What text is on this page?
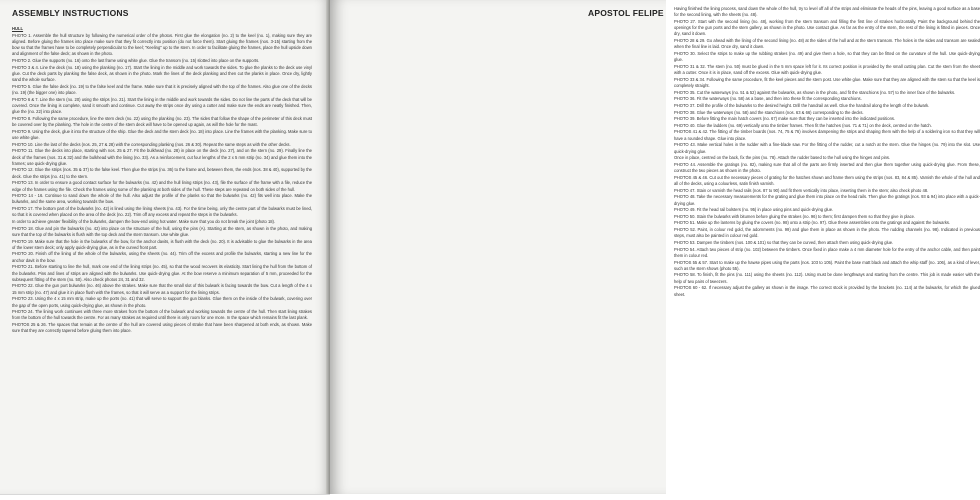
ASSEMBLY INSTRUCTIONS

HULL

PHOTO 1. Assemble the hull structure by following the numerical order of the photos. First glue the elongation (no. 2) to the keel (no. 1), making sure they are aligned. Before gluing the frames into place make sure that they fit correctly into position (do not force them). Start gluing the frames (nos. 3-15) starting from the bow so that the frames have to be completely perpendicular to the keel; "Keeling" up to the stern. In order to facilitate gluing the frames, place the hull upside down and alignment of the false deck; as shown in the photo.

PHOTO 2. Glue the supports (no. 16) onto the last frame using white glue. Glue the transom (no. 15) slotted into place on the supports.

PHOTO 3 & 4. Line the deck (no. 18) using the planking (no. 17). Start the lining in the middle and work towards the sides. To glue the planks to the deck use vinyl glue. Cut the deck parts by planking the false deck, as shown in the photo. Mark the lines of the deck planking and then cut the planks in place. Once dry, lightly sand the whole surface.

PHOTO 5. Glue the false deck (no. 19) to the false keel and the frame. Make sure that it is precisely aligned with the top of the frames. Also glue one of the decks (no. 19) (the bigger one) into place.

PHOTO 6 & 7. Line the stern (no. 20) using the strips (no. 21). Start the lining in the middle and work towards the sides. Do not line the parts of the deck that will be covered. Once the lining is complete, sand it smooth and continue. Cut away the strips once dry using a cutter and make sure the ends are neatly finished. Then, glue the (no. 22) into place.

PHOTO 8. Following the same procedure, line the stern deck (no. 22) using the planking (no. 23). The sides that follow the shape of the perimeter of this deck must be covered over by the planking. The hole in the centre of the stern deck will have to be opened up again, as will the hole for the mast.

PHOTO 9. Using the deck, glue it into the structure of the ship. Glue the deck and the stern deck (no. 18) into place. Line the frames with the planking. Make sure to use white glue.

PHOTO 10. Line the last of the decks (nos. 25, 27 & 28) with the corresponding planking (nos. 26 & 30). Repeat the same steps as with the other decks.

PHOTO 11. Glue the decks into place, starting with nos. 25 & 27. Fit the bulkhead (no. 28) in place on the deck (no. 27), and on the stern (no. 29). Finally line the deck of the frames (nos. 31 & 32) and the bulkhead with the lining (no. 33). As a reinforcement, cut four lengths of the 2 x 5 mm strip (no. 34) and glue them into the frames; use quick-drying glue.

PHOTO 12. Glue the strips (nos. 35 & 37) to the false keel. Then glue the strips (no. 36) to the frame and, between them, the ends (nos. 38 & 40), supported by the deck. Glue the strips (no. 41) to the stern.

PHOTO 13. In order to ensure a good contact surface for the bulwarks (no. 42) and the hull lining strips (no. 43), file the surface of the frame with a file, reduce the edge of the frames using the file. Check the frames using some of the planking at both sides of the hull. These steps are repeated on both sides of the hull.

PHOTO 14 - 16. Continue to sand down the whole of the hull. Also adjust the profile of the planks so that the bulwarks (no. 42) fits well into place. Make the bulwarks, and the same area, working towards the bow.

PHOTO 17. The bottom part of the bulwarks (no. 42) is lined using the lining sheets (no. 43). For the time being, only the centre part of the bulwarks must be lined, so that it is covered when placed on the area of the deck (no. 22). Trim off any excess and repeat the steps in the bulwarks.

In order to achieve greater flexibility of the bulwarks, dampen the bow-end using hot water. Make sure that you do not break the joint (photo 18).

PHOTO 18. Glue and pin the bulwarks (no. 42) into place on the structure of the hull, using the pins (A). Starting at the stern, as shown in the photo, and making sure that the top of the bulwarks is flush with the top deck and the stern transom. Use white glue.

PHOTO 19. Make sure that the hole in the bulwarks of the bow, for the anchor davits, is flush with the deck (no. 20). It is advisable to glue the bulwarks in the area of the lower stern deck; only apply quick-drying glue, as in the curved front part.

PHOTO 20. Finish off the lining of the whole of the bulwarks, using the sheets (no. 44). Trim off the excess and profile the bulwarks, starting a new line for the anchor davit in the bow.

PHOTO 21. Before starting to line the hull, mark one end of the lining strips (no. 45), so that the wood recovers its elasticity. Start lining the hull from the bottom of the bulwarks. Pins and lines of strips are aligned with the bulwarks. Use quick-drying glue. At the bow reserve a minimum separation of 5 mm, proceeded for the subsequent fitting of the stem (no. 50). Also check photos 24, 31 and 32.

PHOTO 22. Glue the gun port bulwarks (no. 46) above the strakes. Make sure that the small slot of this bulwark is facing towards the bow. Cut a length of the 4 x 15 mm strip (no. 47) and glue it in place flush with the frames, so that it will serve as a support for the lining strips.

PHOTO 23. Using the 4 x 15 mm strip, make up the ports (no. 41) that will serve to support the gun blanks. Glue them on the inside of the bulwark, covering over the gap of the open ports, using quick-drying glue, as shown in the photo.

PHOTO 24. The lining work continues with three more strakes from the bottom of the bulwark and working towards the centre of the hull. Then start lining strakes from the bottom of the hull towards the centre. For as many strakes as required until there is only room for one more. In the space which remains fit the last plank.

PHOTOS 25 & 26. The spaces that remain at the centre of the hull are covered using pieces of strake that have been sharpened at both ends, as shown. Make sure that they are correctly tapered before gluing them into place.

APOSTOL FELIPE Having finished the lining process, sand down the whole of the hull, try to level off all of the strips and eliminate the heads of the pins, leaving a good surface as a base for the second lining, with the sheets (no. 48).

PHOTO 27. Start with the second lining (no. 48), working from the stern transom and filling the first line of strakes horizontally. Paint the background behind the openings for the gun ports and the stern gallery, as shown in the photo. Use contact glue. As far as the entry of the stern, the rest of the lining is fitted in pieces. Once dry, sand it down.

PHOTO 28 & 29. Go ahead with the lining of the second lining (no. 48) at the sides of the hull and at the stern transom. The holes in the sides and transom are sealed when the final line is laid. Once dry, sand it down.

PHOTO 30. Select the strips to make up the rubbing strakes (no. 49) and give them a hole, so that they can be fitted on the curvature of the hull. Use quick-drying glue.

PHOTO 31 & 32. The stem (no. 50) must be glued in the 5 mm space left for it. Its correct position is provided by the small cutting plan. Cut the stem from the sheet with a cutter. Once it is in place, sand off the excess. Glue with quick-drying glue.

PHOTO 33 & 34. Following the same procedure, fit the keel pieces and the stern post. Use white glue. Make sure that they are aligned with the stem so that the keel is completely straight.

PHOTO 35. Cut the waterways (no. 51 & 52) against the bulwarks, as shown in the photo, and fit the stanchions (no. 57) to the inner face of the bulwarks.

PHOTO 36. Fit the waterways (no. 58) as a base, and then into these fit the corresponding stanchions.

PHOTO 37. Drill the profile of the bulwarks to the desired height. Drill the handrail as well. Glue the handrail along the length of the bulwark.

PHOTO 38. Glue the waterways (no. 58) and the stanchions (nos. 63 & 66) corresponding to the decks.

PHOTO 39. Before fitting the main hatch covers (no. 67) make sure that they can be inserted into the indicated positions.

PHOTO 40. Glue the ladders (no. 69) vertically onto the timber frames. Then fit the hatches (nos. 71 & 71) on the deck, centred on the hatch.

PHOTOS 41 & 42. The fitting of the timber boards (nos. 74, 75 & 76) involves dampening the strips and shaping them with the help of a soldering iron so that they will have a rounded shape. Glue into place.

PHOTO 43. Make vertical holes in the rudder with a fine-blade saw. For the fitting of the rudder, cut a notch at the stern. Glue the hinges (no. 79) into the slot. Use quick-drying glue.

Once in place, centred on the back, fix the pins (no. 78). Attach the rudder based to the hull using the hinges and pins.

PHOTO 44. Assemble the gratings (no. 82), making sure that all of the parts are firmly inserted and then glue them together using quick-drying glue. From these, construct the two pieces as shown in the photo.

PHOTOS 45 & 46. Cut out the necessary pieces of grating for the hatches shown and frame them using the strips (nos. 83, 84 & 85). Varnish the whole of the hull and all of the decks, using a colourless, satin finish varnish.

PHOTO 47. Stain or varnish the head rails (nos. 87 to 90) and fit them vertically into place, inserting them in the stem; also check photo 48.

PHOTO 48. Take the necessary measurements for the grating and glue them into place on the head rails. Then glue the gratings (nos. 93 & 94) into place with a quick-drying glue.

PHOTO 49. Fit the head rail bolsters (no. 95) in place using pins and quick-drying glue.

PHOTO 50. Stain the bulwarks with bitumen before gluing the strakes (no. 96) to them; first dampen them so that they give in place.

PHOTO 51. Make up the lanterns by gluing the covers (no. 98) onto a strip (no. 97). Glue these assemblies onto the gratings and against the bulwarks.

PHOTO 52. Paint, in colour red gold, the adornments (no. 99) and glue them in place as shown in the photo. The rudding channels (no. 98). Indicated in previous steps, must also be painted in colour red gold.

PHOTO 53. Dampen the timbers (nos. 100 & 101) so that they can be curved, then attach them using quick-drying glue.

PHOTO 54. Attach two pieces of strip (no. 102) between the timbers. Once fixed in place make a 4 mm diameter hole for the entry of the anchor cable, and then paint them in colour red.

PHOTOS 55 & 57. Start to make up the hawse pipes using the parts (nos. 103 to 105). Paint the base matt black and attach the whip staff (no. 106), as a kind of lever, such as the stern shows (photo 55).

PHOTO 58. To finish, fit the pins (no. 111) using the sheets (no. 112). Using must be done lengthways and starting from the centre. This job is made easier with the help of two pairs of tweezers.

PHOTOS 60 - 62. If necessary adjust the gallery as shown in the image. The correct stock is provided by the brackets (no. 114) at the bulwarks, for which the glued sheet.
